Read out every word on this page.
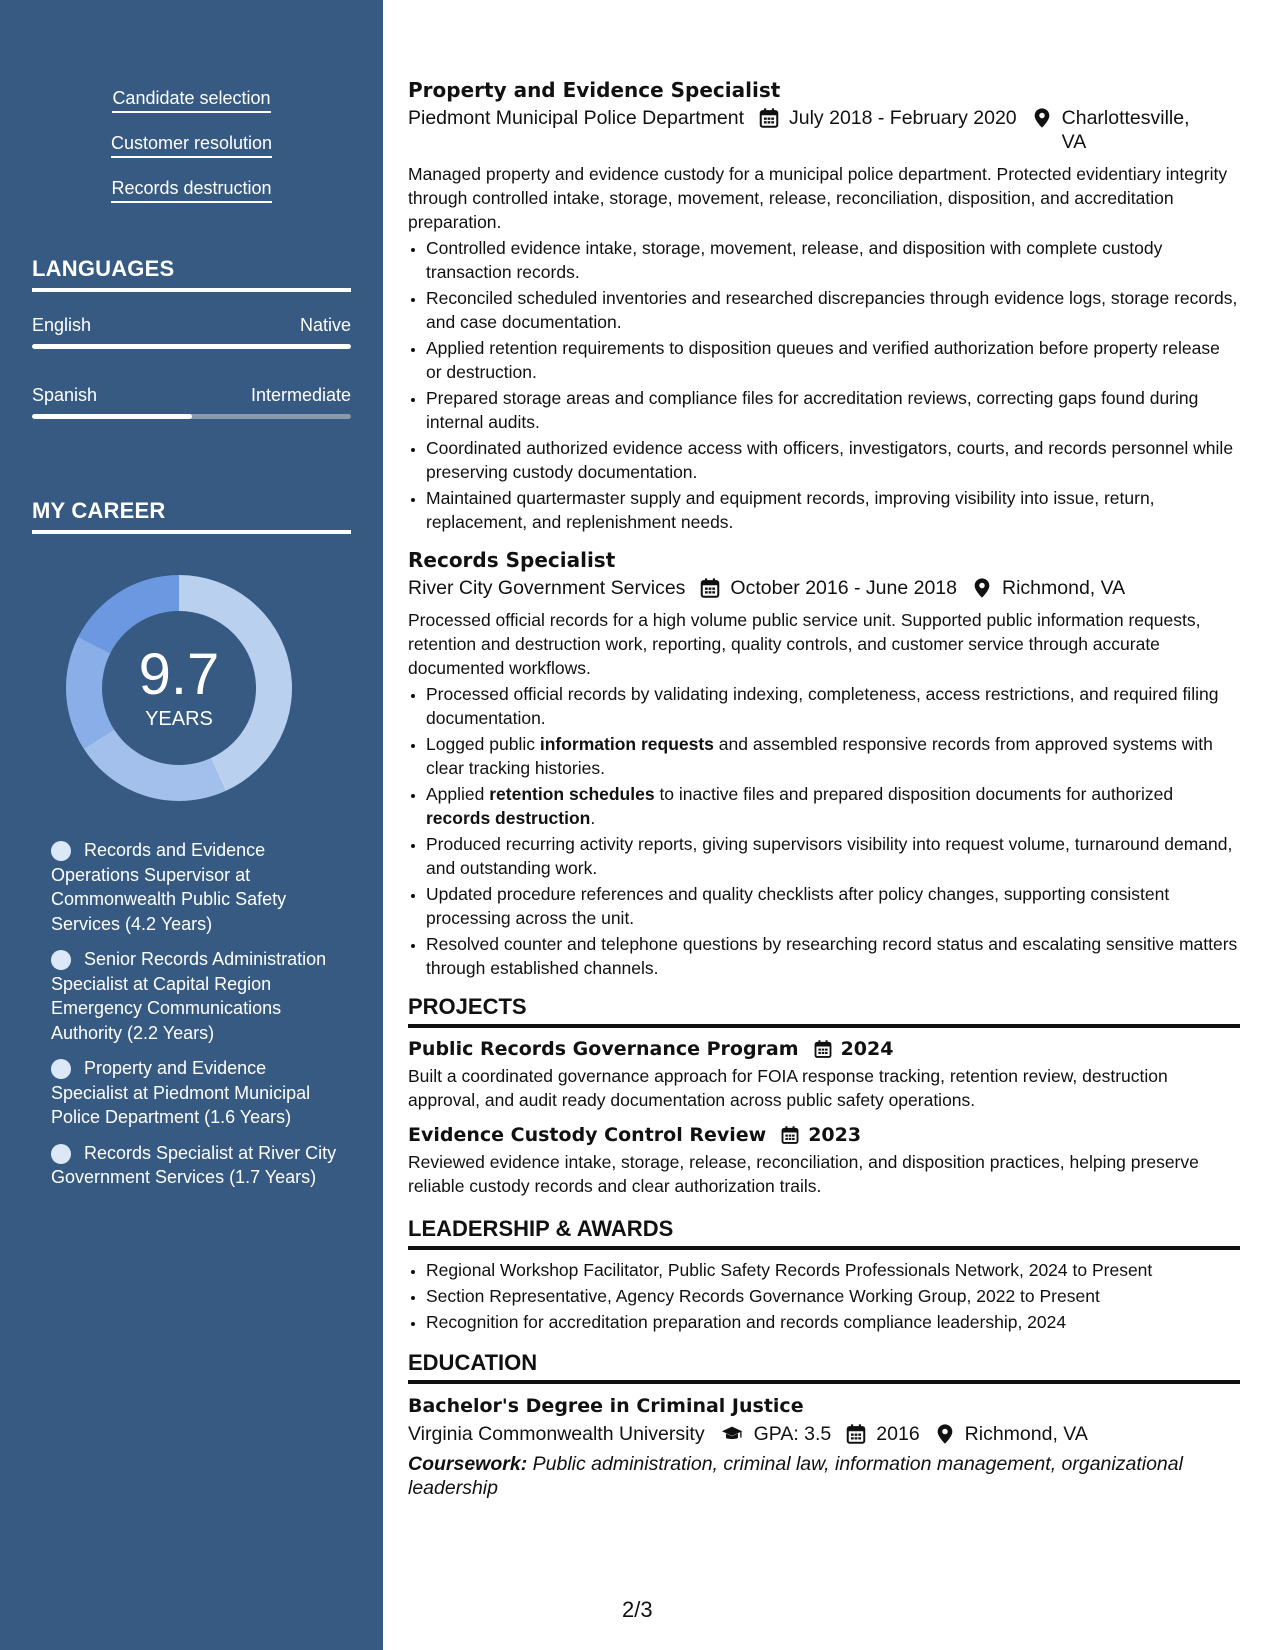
Candidate selection
Customer resolution
Records destruction
LANGUAGES
English	Native
Spanish	Intermediate
MY CAREER
9.7
YEARS
Records and Evidence Operations Supervisor at Commonwealth Public Safety Services (4.2 Years)
Senior Records Administration Specialist at Capital Region Emergency Communications Authority (2.2 Years)
Property and Evidence Specialist at Piedmont Municipal Police Department (1.6 Years)
Records Specialist at River City Government Services (1.7 Years)
Property and Evidence Specialist
Piedmont Municipal Police Department July 2018 - February 2020 Charlottesville, VA
Managed property and evidence custody for a municipal police department. Protected evidentiary integrity through controlled intake, storage, movement, release, reconciliation, disposition, and accreditation preparation.
• Controlled evidence intake, storage, movement, release, and disposition with complete custody transaction records.
• Reconciled scheduled inventories and researched discrepancies through evidence logs, storage records, and case documentation.
• Applied retention requirements to disposition queues and verified authorization before property release or destruction.
• Prepared storage areas and compliance files for accreditation reviews, correcting gaps found during internal audits.
• Coordinated authorized evidence access with officers, investigators, courts, and records personnel while preserving custody documentation.
• Maintained quartermaster supply and equipment records, improving visibility into issue, return, replacement, and replenishment needs.
Records Specialist
River City Government Services October 2016 - June 2018 Richmond, VA
Processed official records for a high volume public service unit. Supported public information requests, retention and destruction work, reporting, quality controls, and customer service through accurate documented workflows.
• Processed official records by validating indexing, completeness, access restrictions, and required filing documentation.
• Logged public information requests and assembled responsive records from approved systems with clear tracking histories.
• Applied retention schedules to inactive files and prepared disposition documents for authorized records destruction.
• Produced recurring activity reports, giving supervisors visibility into request volume, turnaround demand, and outstanding work.
• Updated procedure references and quality checklists after policy changes, supporting consistent processing across the unit.
• Resolved counter and telephone questions by researching record status and escalating sensitive matters through established channels.
PROJECTS
Public Records Governance Program 2024
Built a coordinated governance approach for FOIA response tracking, retention review, destruction approval, and audit ready documentation across public safety operations.
Evidence Custody Control Review 2023
Reviewed evidence intake, storage, release, reconciliation, and disposition practices, helping preserve reliable custody records and clear authorization trails.
LEADERSHIP & AWARDS
• Regional Workshop Facilitator, Public Safety Records Professionals Network, 2024 to Present
• Section Representative, Agency Records Governance Working Group, 2022 to Present
• Recognition for accreditation preparation and records compliance leadership, 2024
EDUCATION
Bachelor's Degree in Criminal Justice
Virginia Commonwealth University	GPA: 3.5 2016 Richmond, VA
Coursework: Public administration, criminal law, information management, organizational leadership
2/3
